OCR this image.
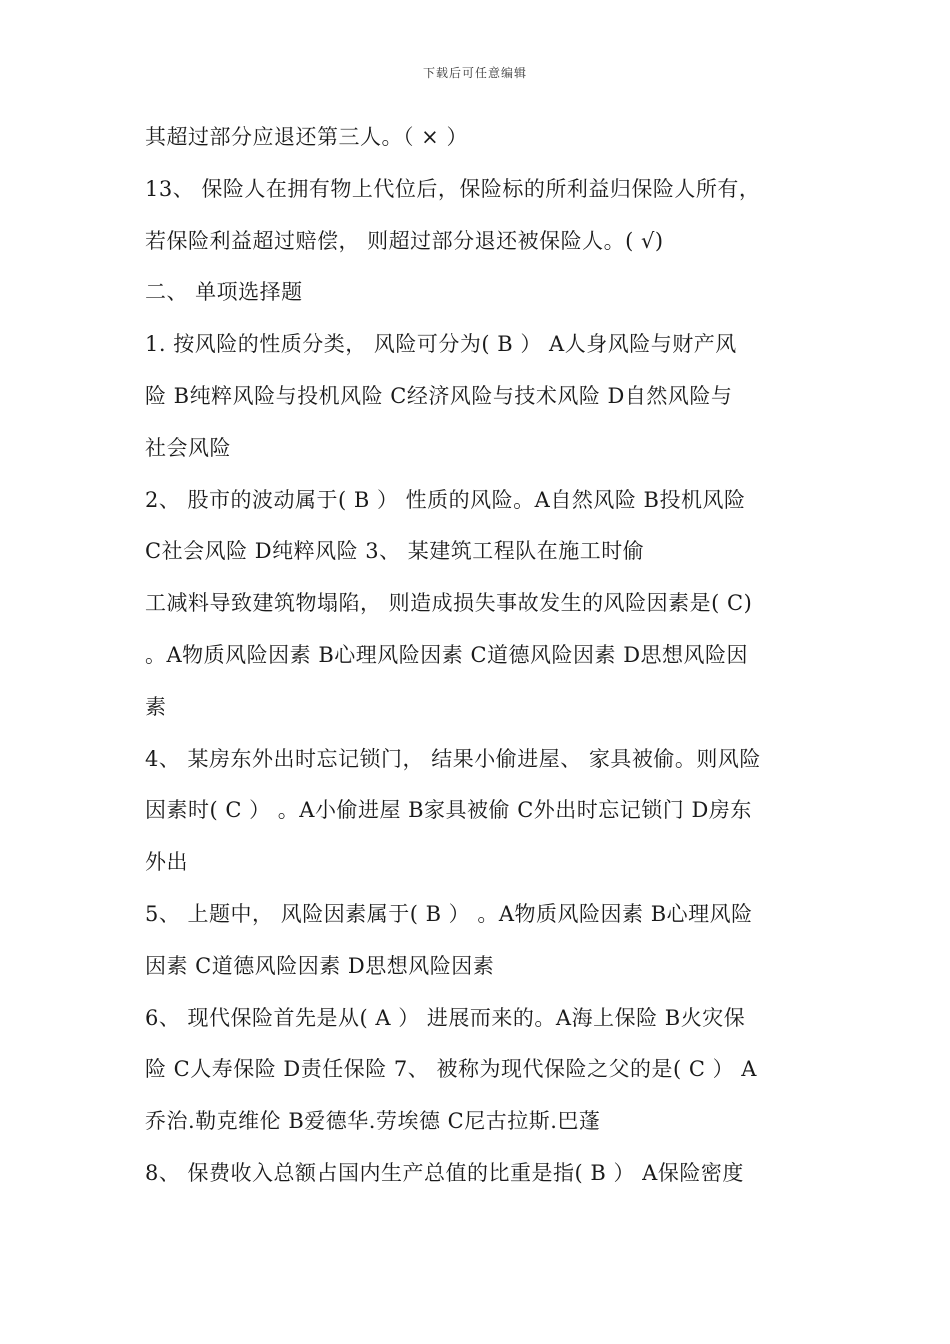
下载后可任意编辑
其超过部分应退还第三人。（ × ）
13、 保险人在拥有物上代位后，保险标的所利益归保险人所有，
若保险利益超过赔偿， 则超过部分退还被保险人。( √)
二、 单项选择题
1. 按风险的性质分类， 风险可分为( B ） A人身风险与财产风
险 B纯粹风险与投机风险 C经济风险与技术风险 D自然风险与
社会风险
2、 股市的波动属于( B ） 性质的风险。A自然风险 B投机风险
C社会风险 D纯粹风险 3、 某建筑工程队在施工时偷
工减料导致建筑物塌陷， 则造成损失事故发生的风险因素是( C)
。A物质风险因素 B心理风险因素 C道德风险因素 D思想风险因
素
4、 某房东外出时忘记锁门， 结果小偷进屋、 家具被偷。则风险
因素时( C ） 。A小偷进屋 B家具被偷 C外出时忘记锁门 D房东
外出
5、 上题中， 风险因素属于( B ） 。A物质风险因素 B心理风险
因素 C道德风险因素 D思想风险因素
6、 现代保险首先是从( A ） 进展而来的。A海上保险 B火灾保
险 C人寿保险 D责任保险 7、 被称为现代保险之父的是( C ） A
乔治.勒克维伦 B爱德华.劳埃德 C尼古拉斯.巴蓬
8、 保费收入总额占国内生产总值的比重是指( B ） A保险密度
